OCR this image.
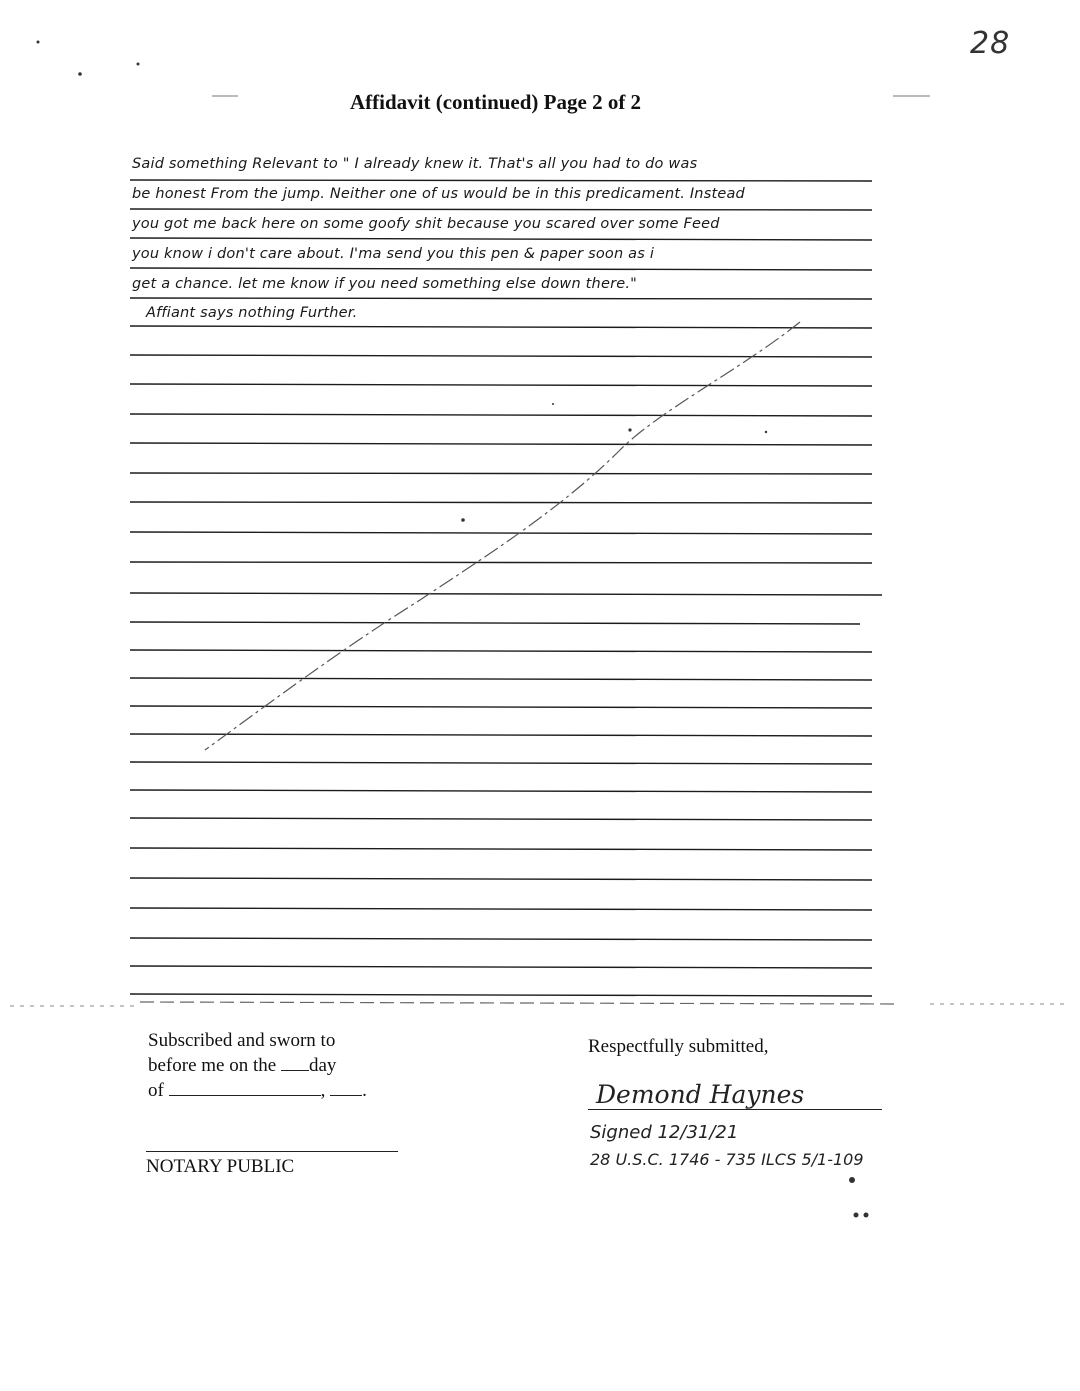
28
Affidavit (continued) Page 2 of 2
Said something Relevant to " I already knew it. That's all you had to do was
be honest From the jump. Neither one of us would be in this predicament. Instead
you got me back here on some goofy shit because you scared over some Feed
you know i don't care about. I'ma send you this pen & paper soon as i
get a chance. let me know if you need something else down there."
Affiant says nothing Further.
Subscribed and sworn to
before me on the day
of	, .
NOTARY PUBLIC
Respectfully submitted,
Demond Haynes
Signed 12/31/21
28 U.S.C. 1746 - 735 ILCS 5/1-109
